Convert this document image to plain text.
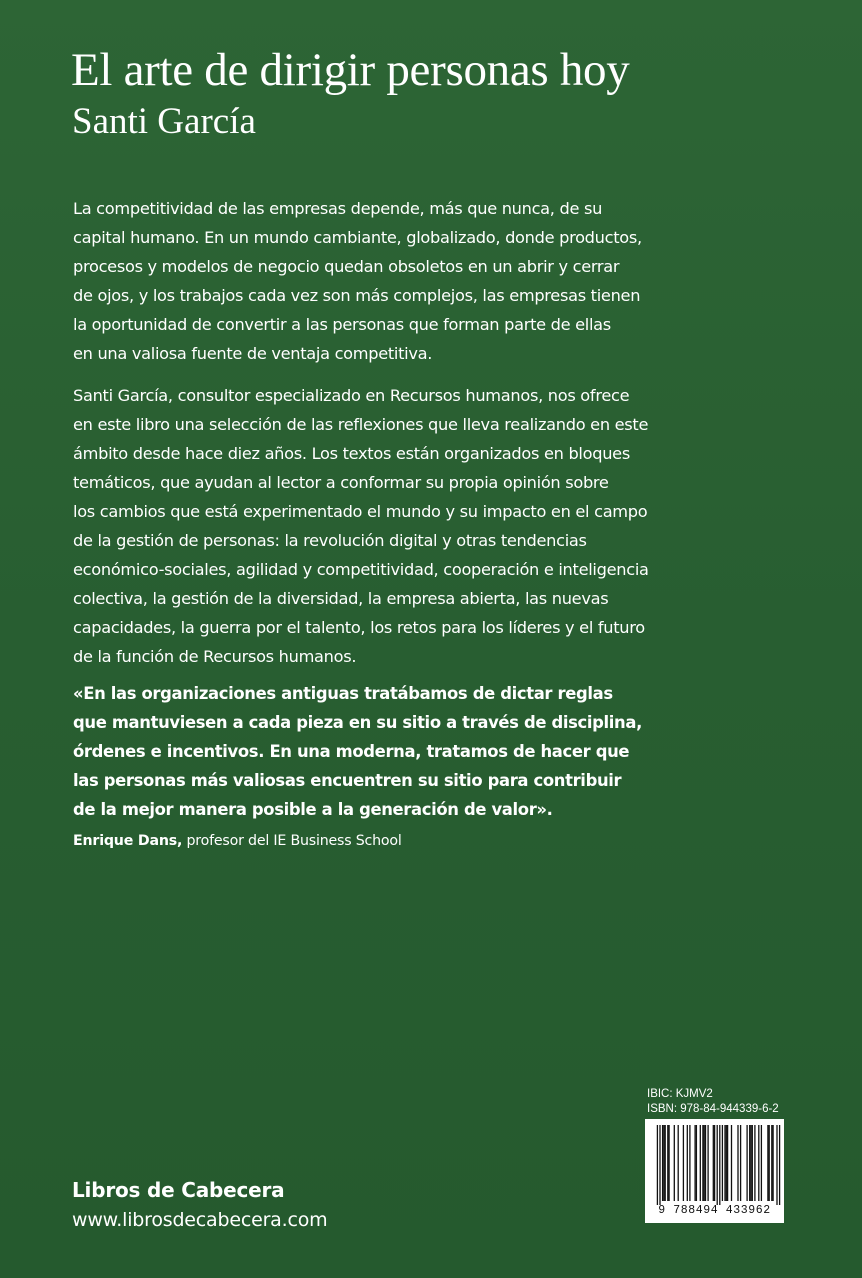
El arte de dirigir personas hoy
Santi García
La competitividad de las empresas depende, más que nunca, de su
capital humano. En un mundo cambiante, globalizado, donde productos,
procesos y modelos de negocio quedan obsoletos en un abrir y cerrar
de ojos, y los trabajos cada vez son más complejos, las empresas tienen
la oportunidad de convertir a las personas que forman parte de ellas
en una valiosa fuente de ventaja competitiva.
Santi García, consultor especializado en Recursos humanos, nos ofrece
en este libro una selección de las reflexiones que lleva realizando en este
ámbito desde hace diez años. Los textos están organizados en bloques
temáticos, que ayudan al lector a conformar su propia opinión sobre
los cambios que está experimentado el mundo y su impacto en el campo
de la gestión de personas: la revolución digital y otras tendencias
económico-sociales, agilidad y competitividad, cooperación e inteligencia
colectiva, la gestión de la diversidad, la empresa abierta, las nuevas
capacidades, la guerra por el talento, los retos para los líderes y el futuro
de la función de Recursos humanos.
«En las organizaciones antiguas tratábamos de dictar reglas
que mantuviesen a cada pieza en su sitio a través de disciplina,
órdenes e incentivos. En una moderna, tratamos de hacer que
las personas más valiosas encuentren su sitio para contribuir
de la mejor manera posible a la generación de valor».
Enrique Dans, profesor del IE Business School
Libros de Cabecera
www.librosdecabecera.com
IBIC: KJMV2
ISBN: 978-84-944339-6-2
9 788494 433962
